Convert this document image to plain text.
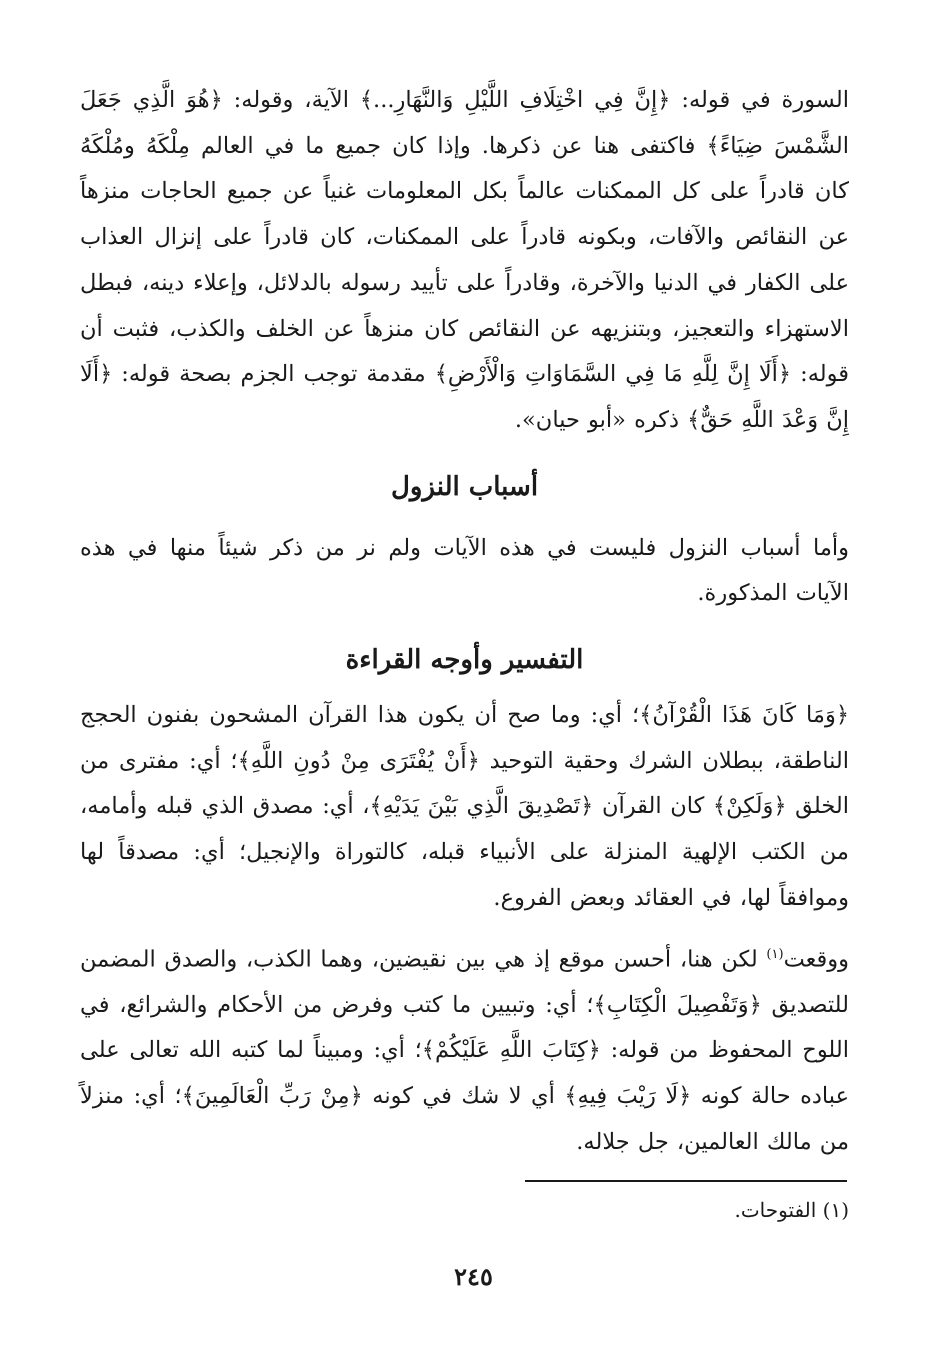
السورة في قوله: ﴿إِنَّ فِي اخْتِلَافِ اللَّيْلِ وَالنَّهَارِ...﴾ الآية، وقوله: ﴿هُوَ الَّذِي جَعَلَ الشَّمْسَ ضِيَاءً﴾ فاكتفى هنا عن ذكرها. وإذا كان جميع ما في العالم مِلْكَهُ ومُلْكَهُ كان قادراً على كل الممكنات عالماً بكل المعلومات غنياً عن جميع الحاجات منزهاً عن النقائص والآفات، وبكونه قادراً على الممكنات، كان قادراً على إنزال العذاب على الكفار في الدنيا والآخرة، وقادراً على تأييد رسوله بالدلائل، وإعلاء دينه، فبطل الاستهزاء والتعجيز، وبتنزيهه عن النقائص كان منزهاً عن الخلف والكذب، فثبت أن قوله: ﴿أَلَا إِنَّ لِلَّهِ مَا فِي السَّمَاوَاتِ وَالْأَرْضِ﴾ مقدمة توجب الجزم بصحة قوله: ﴿أَلَا إِنَّ وَعْدَ اللَّهِ حَقٌّ﴾ ذكره «أبو حيان».

أسباب النزول

وأما أسباب النزول فليست في هذه الآيات ولم نر من ذكر شيئاً منها في هذه الآيات المذكورة.

التفسير وأوجه القراءة

﴿وَمَا كَانَ هَذَا الْقُرْآنُ﴾؛ أي: وما صح أن يكون هذا القرآن المشحون بفنون الحجج الناطقة، ببطلان الشرك وحقية التوحيد ﴿أَنْ يُفْتَرَى مِنْ دُونِ اللَّهِ﴾؛ أي: مفترى من الخلق ﴿وَلَكِنْ﴾ كان القرآن ﴿تَصْدِيقَ الَّذِي بَيْنَ يَدَيْهِ﴾، أي: مصدق الذي قبله وأمامه، من الكتب الإلهية المنزلة على الأنبياء قبله، كالتوراة والإنجيل؛ أي: مصدقاً لها وموافقاً لها، في العقائد وبعض الفروع.

ووقعت$^{(١)}$ لكن هنا، أحسن موقع إذ هي بين نقيضين، وهما الكذب، والصدق المضمن للتصديق ﴿وَتَفْصِيلَ الْكِتَابِ﴾؛ أي: وتبيين ما كتب وفرض من الأحكام والشرائع، في اللوح المحفوظ من قوله: ﴿كِتَابَ اللَّهِ عَلَيْكُمْ﴾؛ أي: ومبيناً لما كتبه الله تعالى على عباده حالة كونه ﴿لَا رَيْبَ فِيهِ﴾ أي لا شك في كونه ﴿مِنْ رَبِّ الْعَالَمِينَ﴾؛ أي: منزلاً من مالك العالمين، جل جلاله.

(١) الفتوحات.

٢٤٥
